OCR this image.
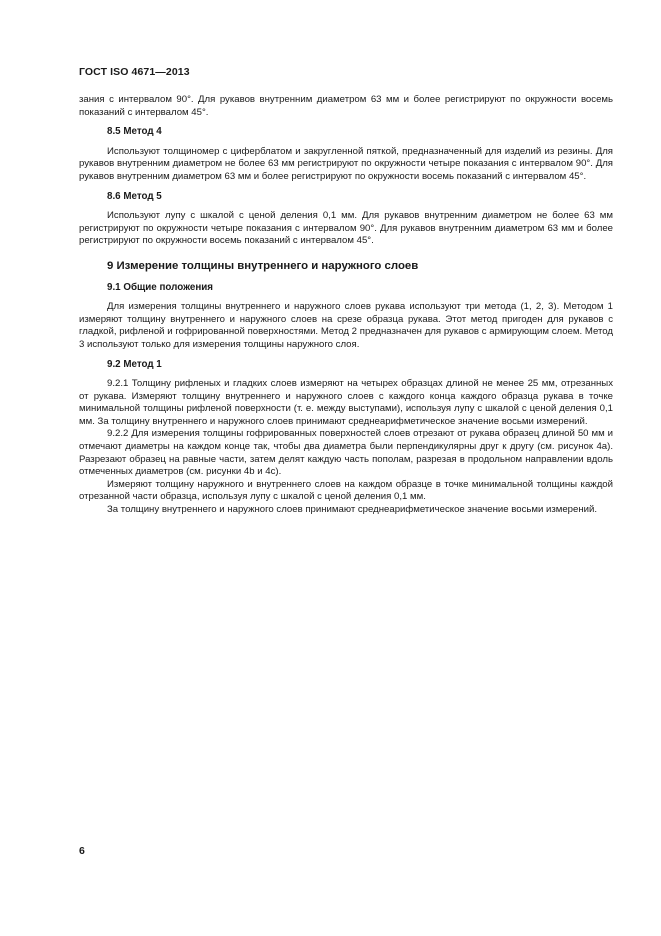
ГОСТ ISO 4671—2013

зания с интервалом 90°. Для рукавов внутренним диаметром 63 мм и более регистрируют по окружности восемь показаний с интервалом 45°.

8.5 Метод 4

Используют толщиномер с циферблатом и закругленной пяткой, предназначенный для изделий из резины. Для рукавов внутренним диаметром не более 63 мм регистрируют по окружности четыре показания с интервалом 90°. Для рукавов внутренним диаметром 63 мм и более регистрируют по окружности восемь показаний с интервалом 45°.

8.6 Метод 5

Используют лупу с шкалой с ценой деления 0,1 мм. Для рукавов внутренним диаметром не более 63 мм регистрируют по окружности четыре показания с интервалом 90°. Для рукавов внутренним диаметром 63 мм и более регистрируют по окружности восемь показаний с интервалом 45°.

9 Измерение толщины внутреннего и наружного слоев

9.1 Общие положения

Для измерения толщины внутреннего и наружного слоев рукава используют три метода (1, 2, 3). Методом 1 измеряют толщину внутреннего и наружного слоев на срезе образца рукава. Этот метод пригоден для рукавов с гладкой, рифленой и гофрированной поверхностями. Метод 2 предназначен для рукавов с армирующим слоем. Метод 3 используют только для измерения толщины наружного слоя.

9.2 Метод 1

9.2.1 Толщину рифленых и гладких слоев измеряют на четырех образцах длиной не менее 25 мм, отрезанных от рукава. Измеряют толщину внутреннего и наружного слоев с каждого конца каждого образца рукава в точке минимальной толщины рифленой поверхности (т. е. между выступами), используя лупу с шкалой с ценой деления 0,1 мм. За толщину внутреннего и наружного слоев принимают среднеарифметическое значение восьми измерений.

9.2.2 Для измерения толщины гофрированных поверхностей слоев отрезают от рукава образец длиной 50 мм и отмечают диаметры на каждом конце так, чтобы два диаметра были перпендикулярны друг к другу (см. рисунок 4а). Разрезают образец на равные части, затем делят каждую часть пополам, разрезая в продольном направлении вдоль отмеченных диаметров (см. рисунки 4b и 4с).

Измеряют толщину наружного и внутреннего слоев на каждом образце в точке минимальной толщины каждой отрезанной части образца, используя лупу с шкалой с ценой деления 0,1 мм.

За толщину внутреннего и наружного слоев принимают среднеарифметическое значение восьми измерений.

6
